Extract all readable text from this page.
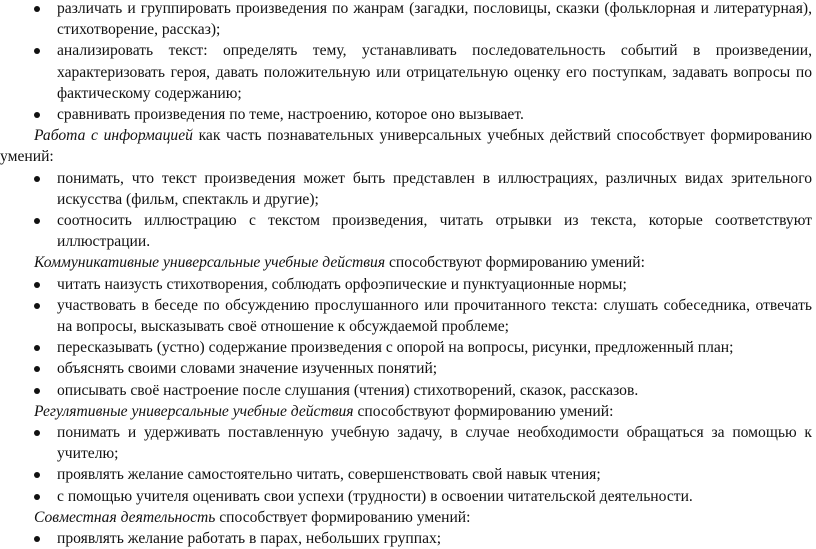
различать и группировать произведения по жанрам (загадки, пословицы, сказки (фольклорная и литературная), стихотворение, рассказ);
анализировать текст: определять тему, устанавливать последовательность событий в произведении, характеризовать героя, давать положительную или отрицательную оценку его поступкам, задавать вопросы по фактическому содержанию;
сравнивать произведения по теме, настроению, которое оно вызывает.

Работа с информацией как часть познавательных универсальных учебных действий способствует формированию умений:

понимать, что текст произведения может быть представлен в иллюстрациях, различных видах зрительного искусства (фильм, спектакль и другие);
соотносить иллюстрацию с текстом произведения, читать отрывки из текста, которые соответствуют иллюстрации.

Коммуникативные универсальные учебные действия способствуют формированию умений:

читать наизусть стихотворения, соблюдать орфоэпические и пунктуационные нормы;
участвовать в беседе по обсуждению прослушанного или прочитанного текста: слушать собеседника, отвечать на вопросы, высказывать своё отношение к обсуждаемой проблеме;
пересказывать (устно) содержание произведения с опорой на вопросы, рисунки, предложенный план;
объяснять своими словами значение изученных понятий;
описывать своё настроение после слушания (чтения) стихотворений, сказок, рассказов.

Регулятивные универсальные учебные действия способствуют формированию умений:

понимать и удерживать поставленную учебную задачу, в случае необходимости обращаться за помощью к учителю;
проявлять желание самостоятельно читать, совершенствовать свой навык чтения;
с помощью учителя оценивать свои успехи (трудности) в освоении читательской деятельности.

Совместная деятельность способствует формированию умений:

проявлять желание работать в парах, небольших группах;
